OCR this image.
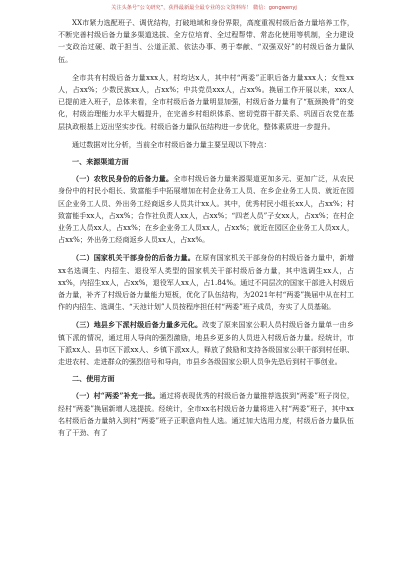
关注头条号“公文研究”，获得最新最全最专业的公文资料库！ 微信：gongwenyj

XX市紧力选配班子、调优结构，打破地域和身份界限，高度重视村级后备力量培养工作，不断完善村级后备力量多渠道选拔、全方位培育、全过程帮带、常态化使用等机制，全力建设一支政治过硬、敢于担当、公道正派、依法办事、勇于奉献、“双强双好”的村级后备力量队伍。

全市共有村级后备力量xxx人，村均达x人，其中村“两委”正职后备力量xxx人；女性xx人，占xx%；少数民族xx人，占xx%；中共党员xxx人，占xx%。换届工作开展以来，xxx人已提前进入班子，总体来看，全市村级后备力量明显加强，村级后备力量有了“瓶颈换骨”的变化，村级治理能力水平大幅提升，在完善乡村组织体系、密切党群干群关系、巩固百农党在基层执政根基上迈出坚实步伐。村级后备力量队伍结构进一步优化，整体素质进一步提升。

通过数据对比分析，当前全市村级后备力量主要呈现以下特点：

一、来源渠道方面

（一）农牧民身份的后备力量。全市村级后备力量来源渠道更加多元、更加广泛，从农民身份中的村民小组长、致富能手中拓展增加在村企业务工人员、在乡企业务工人员、就近在园区企业务工人员、外出务工经商返乡人员共计xx人。其中，优秀村民小组长xx人，占xx%；村致富能手xx人，占xx%；合作社负责人xx人，占xx%；“四老人员”子女xx人，占xx%；在村企业务工人员xx人，占xx%；在乡企业务工人员xx人，占xx%；就近在园区企业务工人员xx人，占xx%；外出务工经商返乡人员xx人，占xx%。

（二）国家机关干部身份的后备力量。在原有国家机关干部身份的村级后备力量中，新增xx名选调生、内招生、退役军人类型的国家机关干部村级后备力量，其中选调生xx人，占xx%，内招生xx人，占xx%，退役军人xx人，占1.84%。通过不同层次的国家干部进入村级后备力量，补齐了村级后备力量能力短板，优化了队伍结构，为2021年村“两委”换届中从在村工作的内招生、选调生、“天池计划”人员按程序担任村“两委”班子成员，夯实了人员基础。

（三）地县乡下派村级后备力量多元化。改变了原来国家公职人员村级后备力量单一由乡镇下派的情况，通过用人导向的强烈激励，地县乡更多的人员进入村级后备力量。经统计，市下派xx人、县市区下派xx人、乡镇下派xx人，释放了鼓励和支持各级国家公职干部到村任职、走进农村、走进群众的强烈信号和导向，市县乡各级国家公职人员争先恐后到村干事创业。

二、使用方面

（一）村“两委”补充一批。通过将表现优秀的村级后备力量推荐选拔到“两委”班子岗位，经村“两委”换届新增人选提拔。经统计，全市xx名村级后备力量将进入村“两委”班子，其中xx名村级后备力量纳入到村“两委”班子正职意向性人选。通过加大选用力度，村级后备力量队伍有了干劲、有了
